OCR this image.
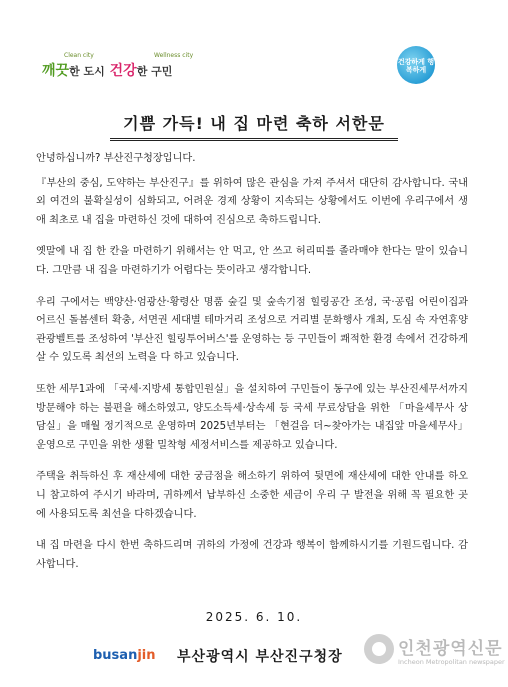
Clean city	Wellness city
깨끗한 도시 건강한 구민
건강하게 행복하게
기쁨 가득! 내 집 마련 축하 서한문

안녕하십니까? 부산진구청장입니다.

『부산의 중심, 도약하는 부산진구』를 위하여 많은 관심을 가져 주셔서 대단히 감사합니다. 국내외 여건의 불확실성이 심화되고, 어려운 경제 상황이 지속되는 상황에서도 이번에 우리구에서 생애 최초로 내 집을 마련하신 것에 대하여 진심으로 축하드립니다.

옛말에 내 집 한 칸을 마련하기 위해서는 안 먹고, 안 쓰고 허리띠를 졸라매야 한다는 말이 있습니다. 그만큼 내 집을 마련하기가 어렵다는 뜻이라고 생각합니다.

우리 구에서는 백양산·엄광산·황령산 명품 숲길 및 숲속기점 힐링공간 조성, 국·공립 어린이집과 어르신 돌봄센터 확충, 서면권 세대별 테마거리 조성으로 거리별 문화행사 개최, 도심 속 자연휴양 관광벨트를 조성하여 '부산진 힐링투어버스'를 운영하는 등 구민들이 쾌적한 환경 속에서 건강하게 살 수 있도록 최선의 노력을 다 하고 있습니다.

또한 세무1과에 「국세·지방세 통합민원실」을 설치하여 구민들이 동구에 있는 부산진세무서까지 방문해야 하는 불편을 해소하였고, 양도소득세·상속세 등 국세 무료상담을 위한 「마을세무사 상담실」을 매월 정기적으로 운영하며 2025년부터는 「현걸음 더~찾아가는 내집앞 마을세무사」 운영으로 구민을 위한 생활 밀착형 세정서비스를 제공하고 있습니다.

주택을 취득하신 후 재산세에 대한 궁금점을 해소하기 위하여 뒷면에 재산세에 대한 안내를 하오니 참고하여 주시기 바라며, 귀하께서 납부하신 소중한 세금이 우리 구 발전을 위해 꼭 필요한 곳에 사용되도록 최선을 다하겠습니다.

내 집 마련을 다시 한번 축하드리며 귀하의 가정에 건강과 행복이 함께하시기를 기원드립니다. 감사합니다.

2025. 6. 10.
busanjin 부산광역시 부산진구청장	인천광역신문
Incheon Metropolitan newspaper
